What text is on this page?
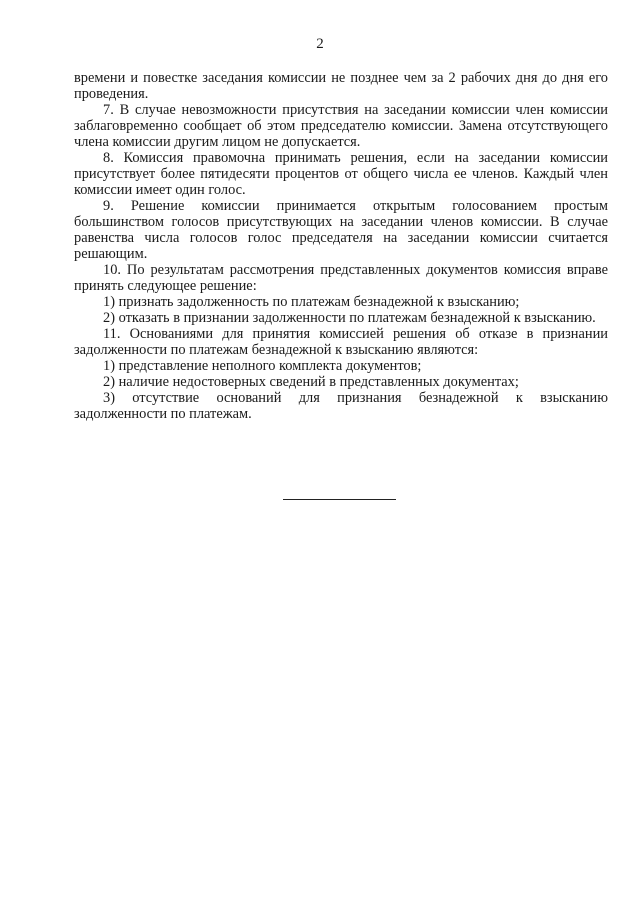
2

времени и повестке заседания комиссии не позднее чем за 2 рабочих дня до дня его проведения.

7. В случае невозможности присутствия на заседании комиссии член комиссии заблаговременно сообщает об этом председателю комиссии. Замена отсутствующего члена комиссии другим лицом не допускается.

8. Комиссия правомочна принимать решения, если на заседании комиссии присутствует более пятидесяти процентов от общего числа ее членов. Каждый член комиссии имеет один голос.

9. Решение комиссии принимается открытым голосованием простым большинством голосов присутствующих на заседании членов комиссии. В случае равенства числа голосов голос председателя на заседании комиссии считается решающим.

10. По результатам рассмотрения представленных документов комиссия вправе принять следующее решение:

1) признать задолженность по платежам безнадежной к взысканию;

2) отказать в признании задолженности по платежам безнадежной к взысканию.

11. Основаниями для принятия комиссией решения об отказе в признании задолженности по платежам безнадежной к взысканию являются:

1) представление неполного комплекта документов;

2) наличие недостоверных сведений в представленных документах;

3) отсутствие оснований для признания безнадежной к взысканию задолженности по платежам.
